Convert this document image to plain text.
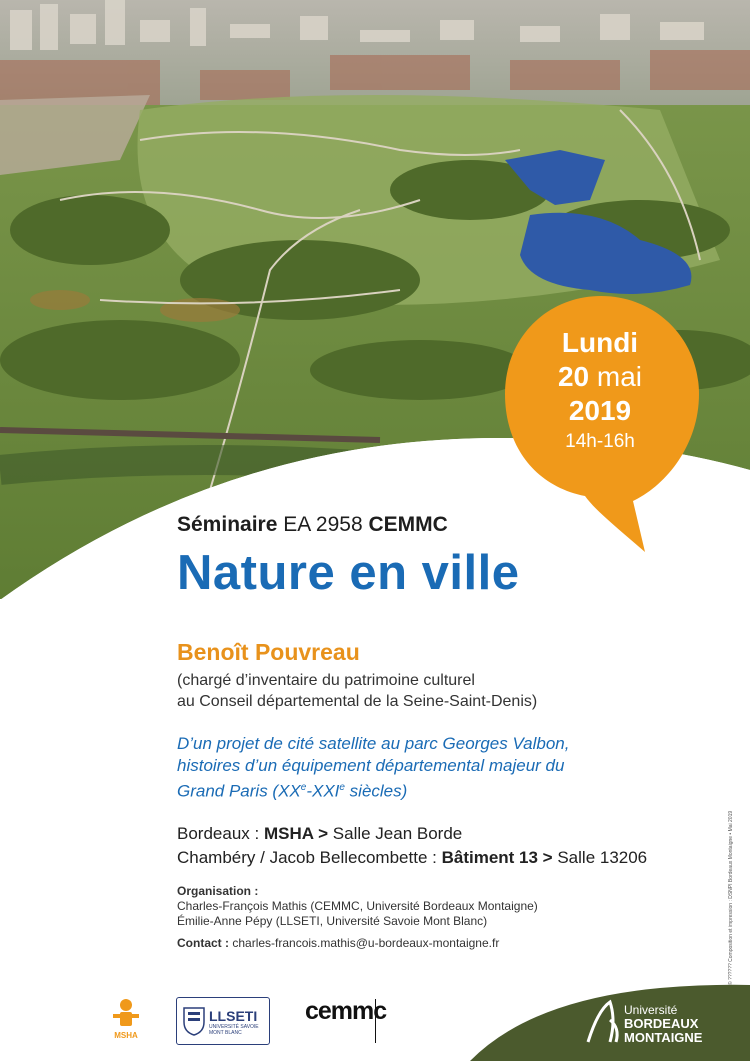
Lundi
20 mai
2019
14h-16h
Séminaire EA 2958 CEMMC
Nature en ville
Benoît Pouvreau
(chargé d’inventaire du patrimoine culturel
au Conseil départemental de la Seine-Saint-Denis)
D’un projet de cité satellite au parc Georges Valbon,
histoires d’un équipement départemental majeur du
Grand Paris (XXe-XXIe siècles)
Bordeaux : MSHA > Salle Jean Borde
Chambéry / Jacob Bellecombette : Bâtiment 13 > Salle 13206
Organisation :
Charles-François Mathis (CEMMC, Université Bordeaux Montaigne)
Émilie-Anne Pépy (LLSETI, Université Savoie Mont Blanc)
Contact : charles-francois.mathis@u-bordeaux-montaigne.fr	© ?????? Composition et impression : DSNPI Bordeaux Montaigne • Mai 2019
MSHA
LLSETI
UNIVERSITÉ SAVOIE
MONT BLANC
cemmc	Université
BORDEAUX
MONTAIGNE
